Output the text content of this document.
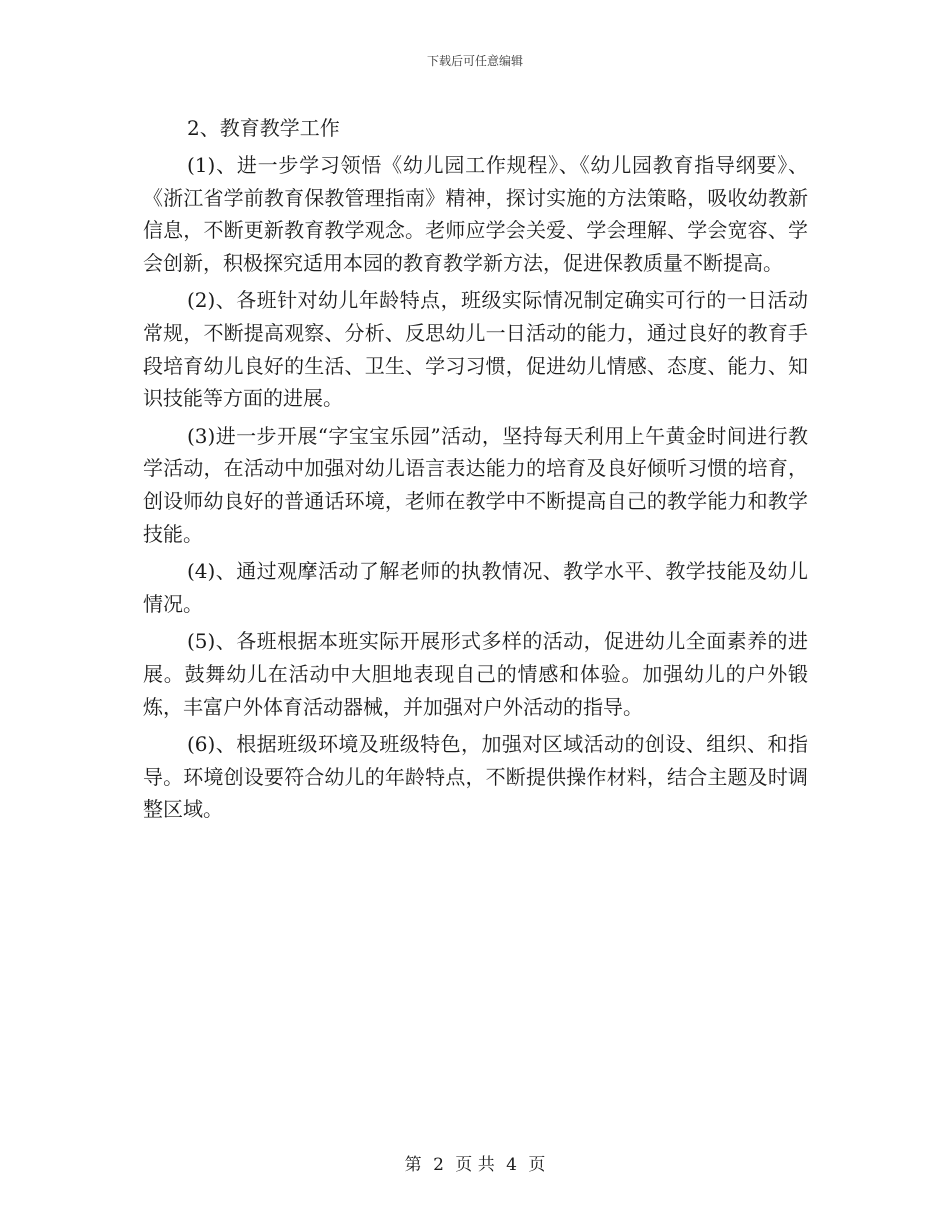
下载后可任意编辑
2、教育教学工作

(1)、进一步学习领悟《幼儿园工作规程》、《幼儿园教育指导纲要》、《浙江省学前教育保教管理指南》精神，探讨实施的方法策略，吸收幼教新信息，不断更新教育教学观念。老师应学会关爱、学会理解、学会宽容、学会创新，积极探究适用本园的教育教学新方法，促进保教质量不断提高。

(2)、各班针对幼儿年龄特点，班级实际情况制定确实可行的一日活动常规，不断提高观察、分析、反思幼儿一日活动的能力，通过良好的教育手段培育幼儿良好的生活、卫生、学习习惯，促进幼儿情感、态度、能力、知识技能等方面的进展。

(3)进一步开展“字宝宝乐园”活动，坚持每天利用上午黄金时间进行教学活动，在活动中加强对幼儿语言表达能力的培育及良好倾听习惯的培育，创设师幼良好的普通话环境，老师在教学中不断提高自己的教学能力和教学技能。

(4)、通过观摩活动了解老师的执教情况、教学水平、教学技能及幼儿情况。

(5)、各班根据本班实际开展形式多样的活动，促进幼儿全面素养的进展。鼓舞幼儿在活动中大胆地表现自己的情感和体验。加强幼儿的户外锻炼，丰富户外体育活动器械，并加强对户外活动的指导。

(6)、根据班级环境及班级特色，加强对区域活动的创设、组织、和指导。环境创设要符合幼儿的年龄特点，不断提供操作材料，结合主题及时调整区域。

第 2 页 共 4 页
